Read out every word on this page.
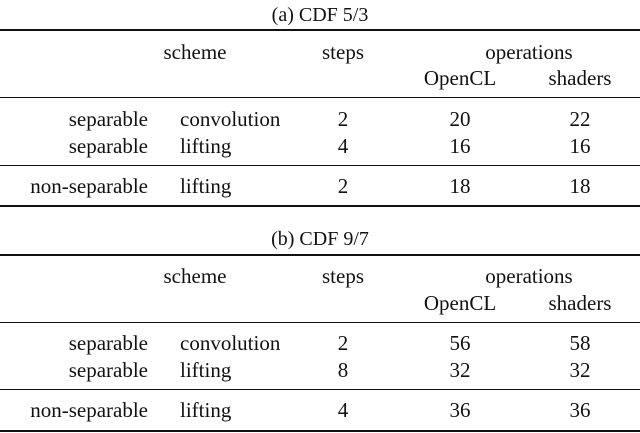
(a) CDF 5/3
scheme	steps	operations
OpenCL	shaders
separable convolution	2	20	22
separable lifting	4	16	16
non-separable lifting	2	18	18
(b) CDF 9/7
scheme	steps	operations
OpenCL	shaders
separable convolution	2	56	58
separable lifting	8	32	32
non-separable lifting	4	36	36
